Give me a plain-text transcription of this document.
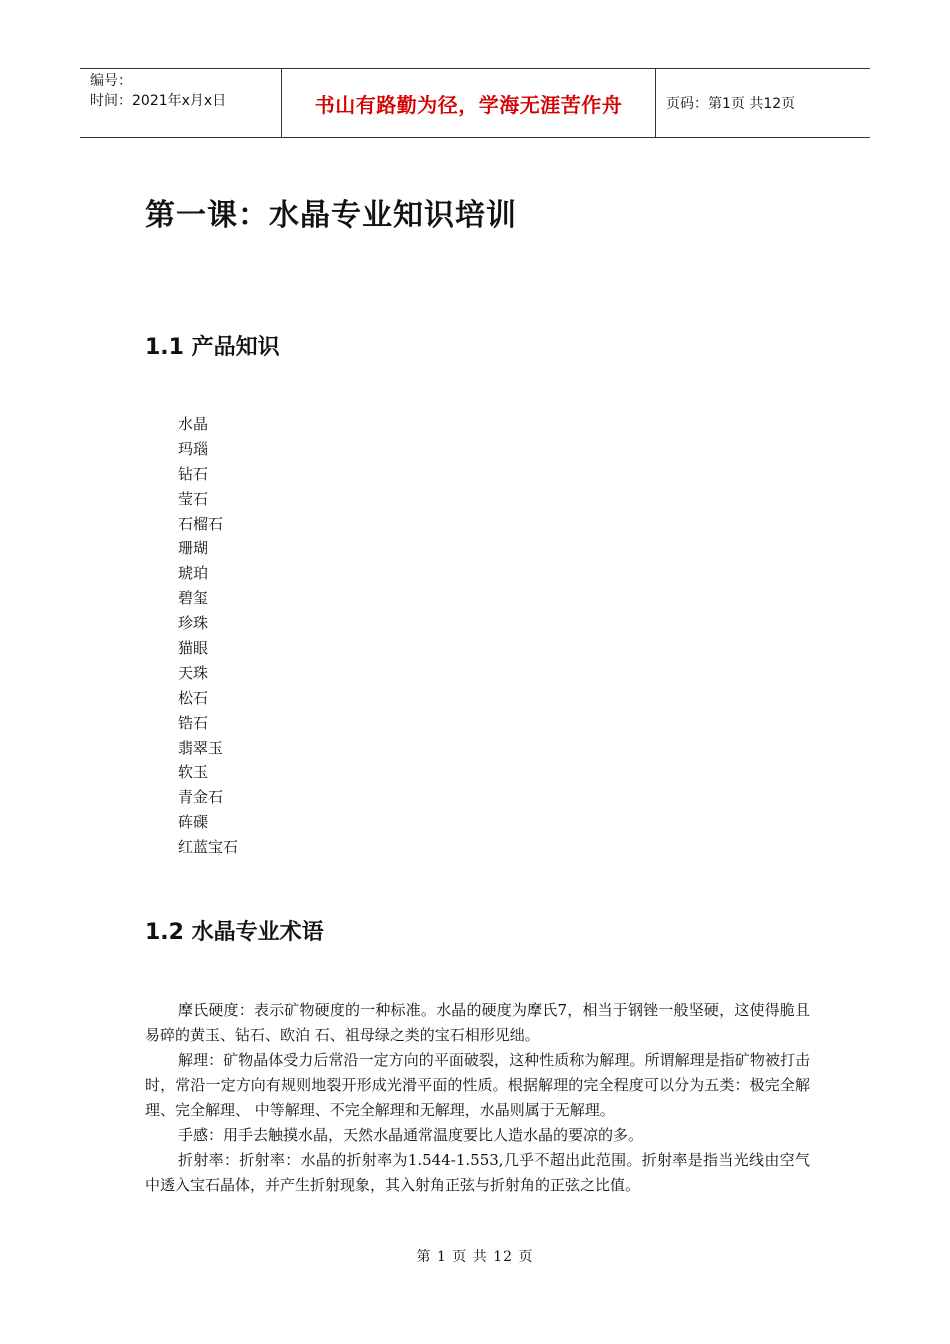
编号：
时间：2021年x月x日	书山有路勤为径，学海无涯苦作舟	页码：第1页 共12页
第一课：水晶专业知识培训
1.1 产品知识
水晶
玛瑙
钻石
莹石
石榴石
珊瑚
琥珀
碧玺
珍珠
猫眼
天珠
松石
锆石
翡翠玉
软玉
青金石
砗磲
红蓝宝石
1.2 水晶专业术语

摩氏硬度：表示矿物硬度的一种标准。水晶的硬度为摩氏7，相当于钢锉一般坚硬，这使得脆且易碎的黄玉、钻石、欧泊 石、祖母绿之类的宝石相形见绌。

解理：矿物晶体受力后常沿一定方向的平面破裂，这种性质称为解理。所谓解理是指矿物被打击时，常沿一定方向有规则地裂开形成光滑平面的性质。根据解理的完全程度可以分为五类：极完全解理、完全解理、 中等解理、不完全解理和无解理，水晶则属于无解理。

手感：用手去触摸水晶，天然水晶通常温度要比人造水晶的要凉的多。

折射率：折射率：水晶的折射率为1.544-1.553,几乎不超出此范围。折射率是指当光线由空气中透入宝石晶体，并产生折射现象，其入射角正弦与折射角的正弦之比值。

第 1 页 共 12 页
